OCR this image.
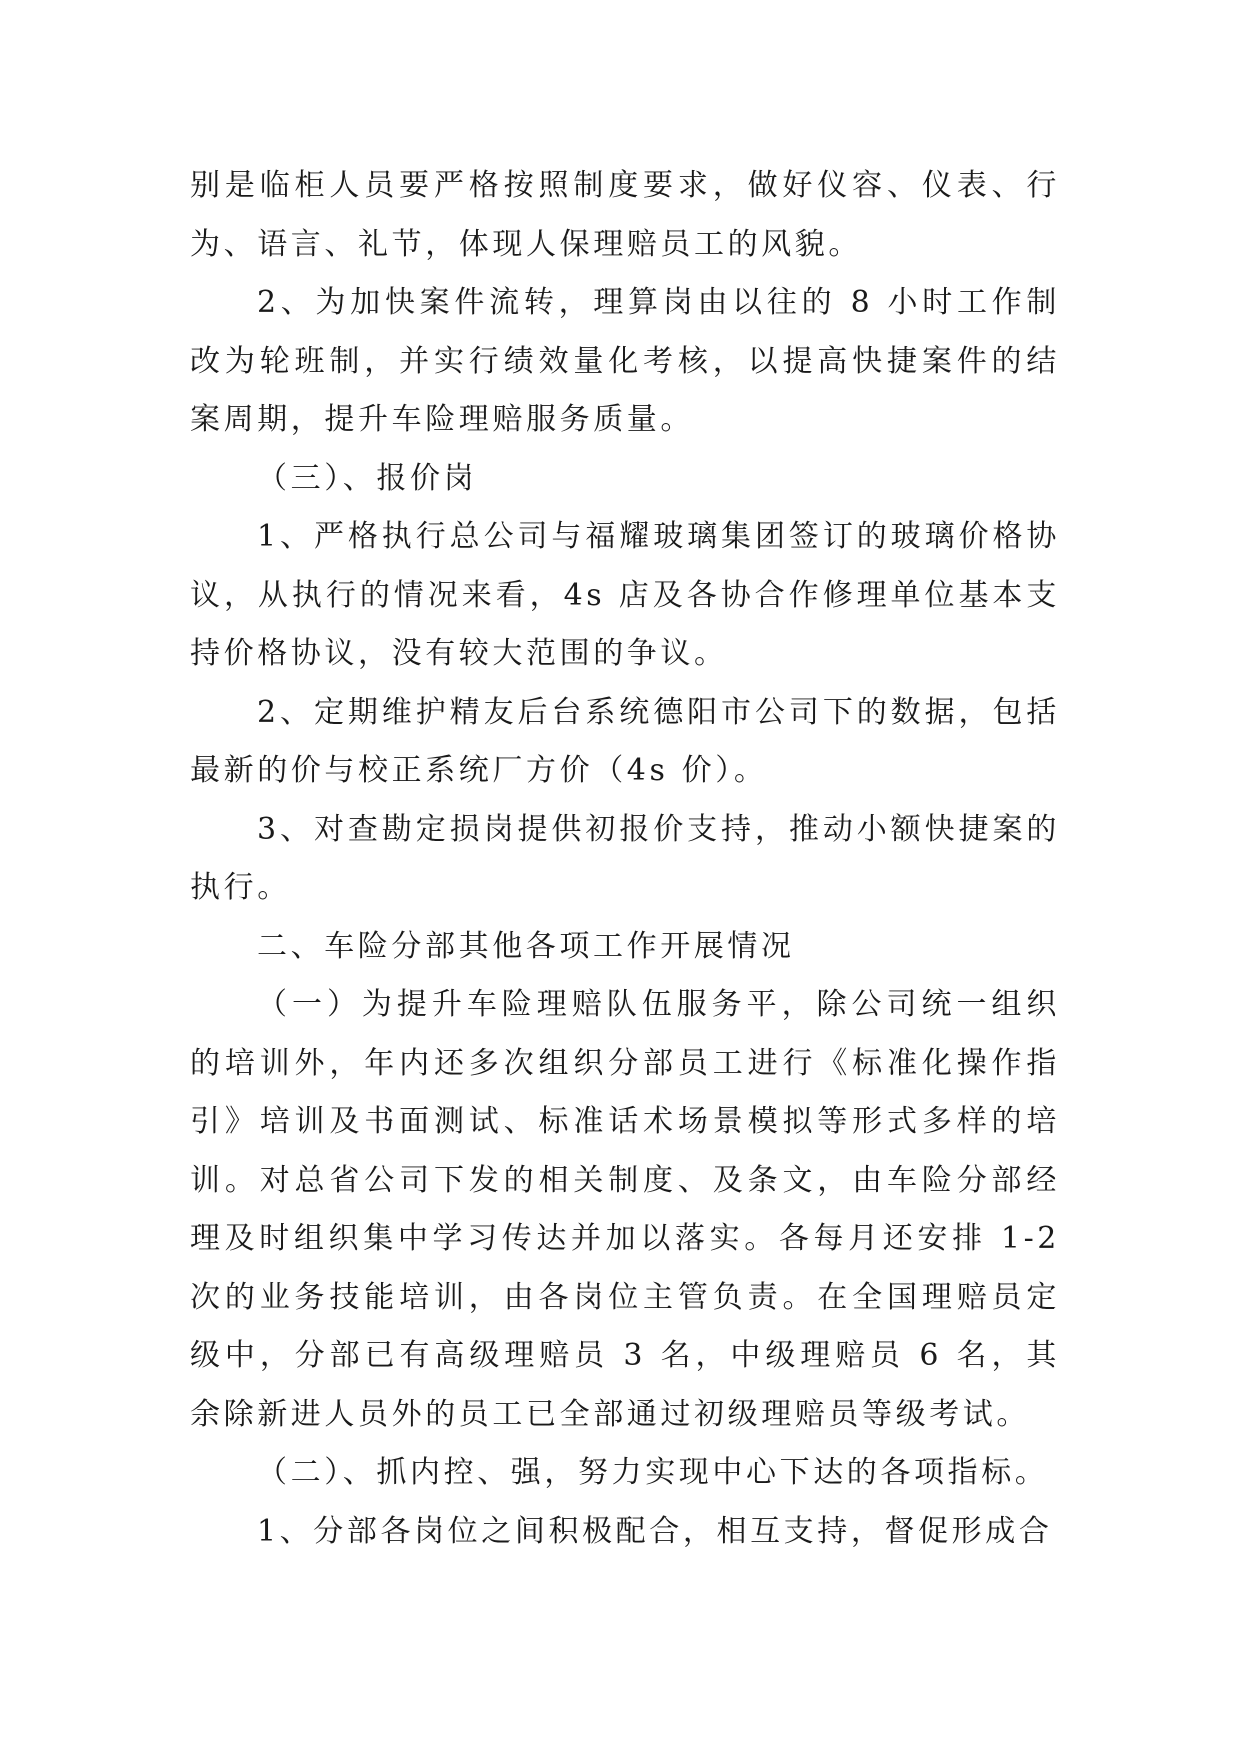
别是临柜人员要严格按照制度要求，做好仪容、仪表、行为、语言、礼节，体现人保理赔员工的风貌。

2、为加快案件流转，理算岗由以往的 8 小时工作制改为轮班制，并实行绩效量化考核，以提高快捷案件的结案周期，提升车险理赔服务质量。

（三）、报价岗

1、严格执行总公司与福耀玻璃集团签订的玻璃价格协议，从执行的情况来看，4s 店及各协合作修理单位基本支持价格协议，没有较大范围的争议。

2、定期维护精友后台系统德阳市公司下的数据，包括最新的价与校正系统厂方价（4s 价）。

3、对查勘定损岗提供初报价支持，推动小额快捷案的执行。

二、车险分部其他各项工作开展情况

（一）为提升车险理赔队伍服务平，除公司统一组织的培训外，年内还多次组织分部员工进行《标准化操作指引》培训及书面测试、标准话术场景模拟等形式多样的培训。对总省公司下发的相关制度、及条文，由车险分部经理及时组织集中学习传达并加以落实。各每月还安排 1-2 次的业务技能培训，由各岗位主管负责。在全国理赔员定级中，分部已有高级理赔员 3 名，中级理赔员 6 名，其余除新进人员外的员工已全部通过初级理赔员等级考试。

（二）、抓内控、强，努力实现中心下达的各项指标。

1、分部各岗位之间积极配合，相互支持，督促形成合
